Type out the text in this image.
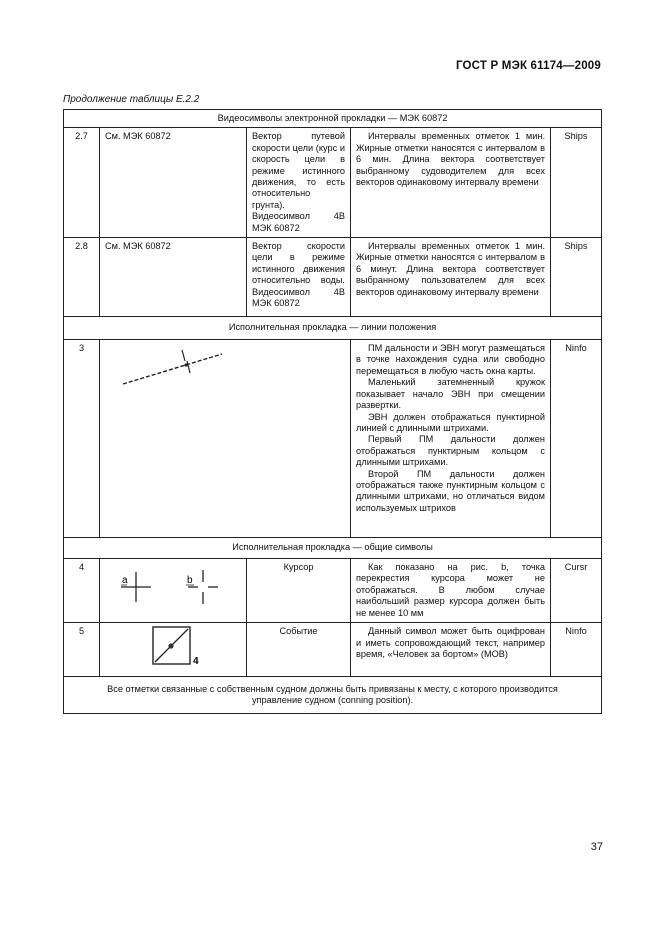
ГОСТ Р МЭК 61174—2009
Продолжение таблицы Е.2.2
Видеосимволы электронной прокладки — МЭК 60872				
2.7	См. МЭК 60872	Вектор путевой скорости цели (курс и скорость цели в режиме истинного движения, то есть относительно грунта). Видеосимвол 4В МЭК 60872	Интервалы временных отметок 1 мин. Жирные отметки наносятся с интервалом в 6 мин. Длина вектора соответствует выбранному судоводителем для всех векторов одинаковому интервалу времени	Ships
2.8	См. МЭК 60872	Вектор скорости цели в режиме истинного движения относительно воды. Видеосимвол 4В МЭК 60872	Интервалы временных отметок 1 мин. Жирные отметки наносятся с интервалом в 6 минут. Длина вектора соответствует выбранному пользователем для всех векторов одинаковому интервалу времени	Ships
Исполнительная прокладка — линии положения				
3			ПМ дальности и ЭВН могут размещаться в точке нахождения судна или свободно перемещаться в любую часть окна карты.

Маленький затемненный кружок показывает начало ЭВН при смещении развертки.

ЭВН должен отображаться пунктирной линией с длинными штрихами.

Первый ПМ дальности должен отображаться пунктирным кольцом с длинными штрихами.

Второй ПМ дальности должен отображаться также пунктирным кольцом с длинными штрихами, но отличаться видом используемых штрихов	Ninfo
Исполнительная прокладка — общие символы				
4	a b	Курсор	Как показано на рис. b, точка перекрестия курсора может не отображаться. В любом случае наибольший размер курсора должен быть не менее 10 мм	Cursr
5	4	Событие	Данный символ может быть оцифрован и иметь сопровождающий текст, например время, «Человек за бортом» (МОВ)	Ninfo
Все отметки связанные с собственным судном должны быть привязаны к месту, с которого производится управление судном (conning position).				
37
